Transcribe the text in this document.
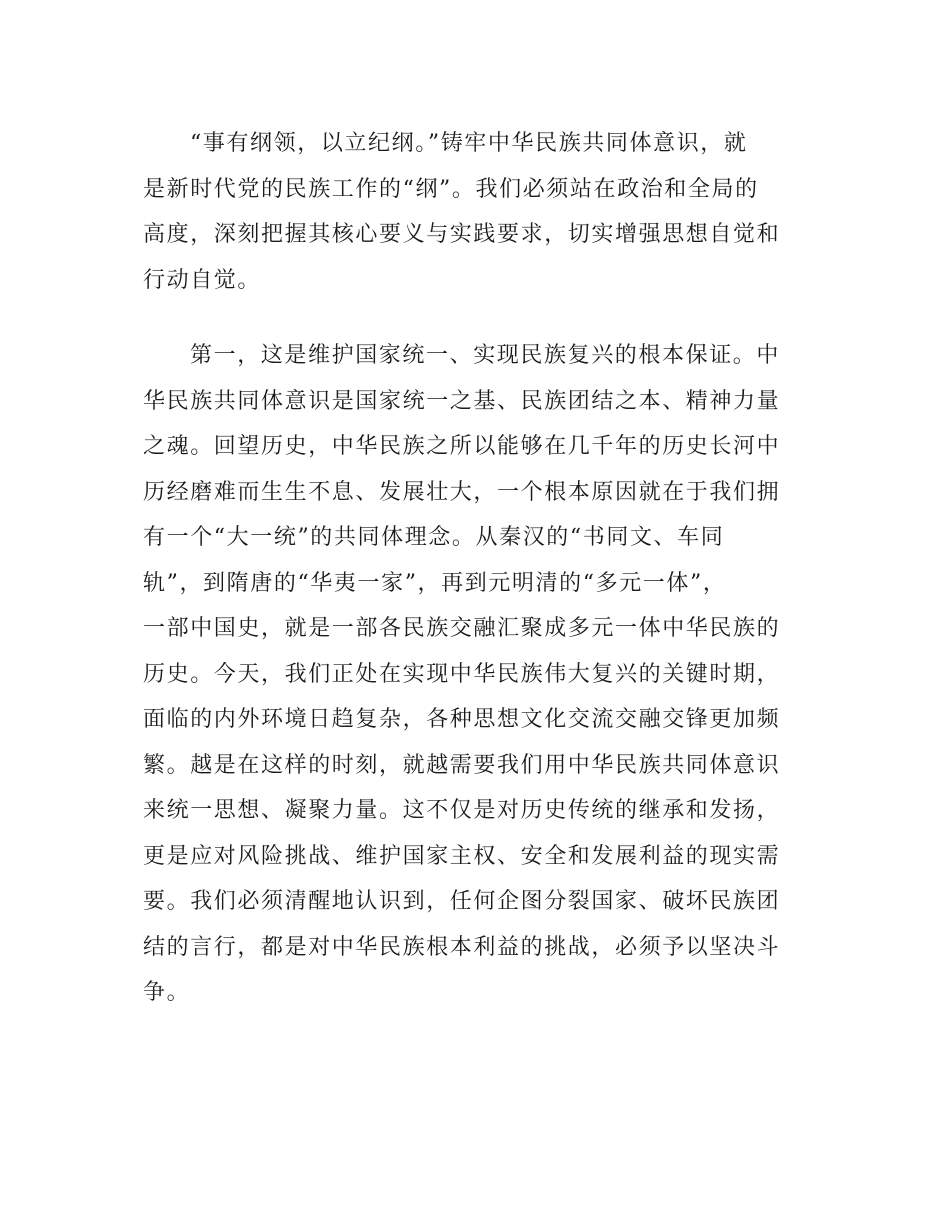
“事有纲领，以立纪纲。”铸牢中华民族共同体意识，就
是新时代党的民族工作的“纲”。我们必须站在政治和全局的
高度，深刻把握其核心要义与实践要求，切实增强思想自觉和
行动自觉。
第一，这是维护国家统一、实现民族复兴的根本保证。中
华民族共同体意识是国家统一之基、民族团结之本、精神力量
之魂。回望历史，中华民族之所以能够在几千年的历史长河中
历经磨难而生生不息、发展壮大，一个根本原因就在于我们拥
有一个“大一统”的共同体理念。从秦汉的“书同文、车同
轨”，到隋唐的“华夷一家”，再到元明清的“多元一体”，
一部中国史，就是一部各民族交融汇聚成多元一体中华民族的
历史。今天，我们正处在实现中华民族伟大复兴的关键时期，
面临的内外环境日趋复杂，各种思想文化交流交融交锋更加频
繁。越是在这样的时刻，就越需要我们用中华民族共同体意识
来统一思想、凝聚力量。这不仅是对历史传统的继承和发扬，
更是应对风险挑战、维护国家主权、安全和发展利益的现实需
要。我们必须清醒地认识到，任何企图分裂国家、破坏民族团
结的言行，都是对中华民族根本利益的挑战，必须予以坚决斗
争。
